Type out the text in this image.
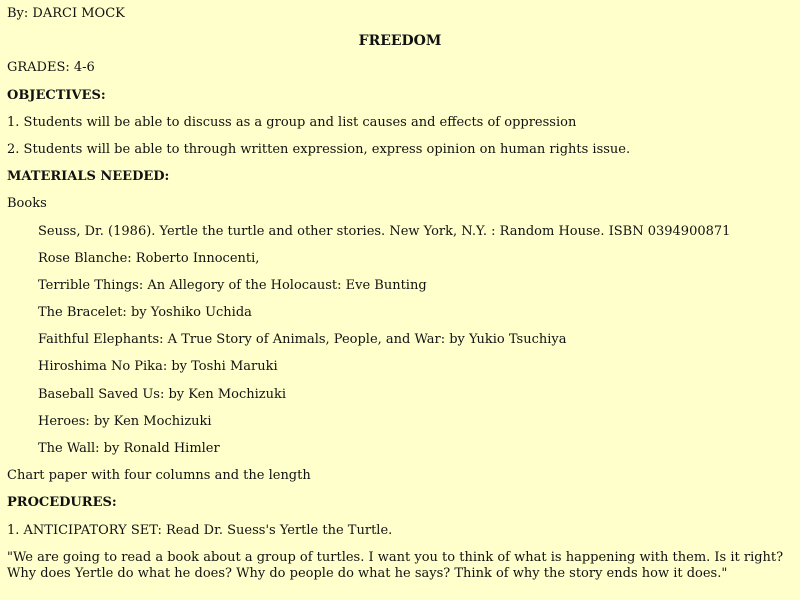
By: DARCI MOCK

FREEDOM

GRADES: 4-6

OBJECTIVES:

1. Students will be able to discuss as a group and list causes and effects of oppression

2. Students will be able to through written expression, express opinion on human rights issue.

MATERIALS NEEDED:

Books

Seuss, Dr. (1986). Yertle the turtle and other stories. New York, N.Y. : Random House. ISBN 0394900871

Rose Blanche: Roberto Innocenti,

Terrible Things: An Allegory of the Holocaust: Eve Bunting

The Bracelet: by Yoshiko Uchida

Faithful Elephants: A True Story of Animals, People, and War: by Yukio Tsuchiya

Hiroshima No Pika: by Toshi Maruki

Baseball Saved Us: by Ken Mochizuki

Heroes: by Ken Mochizuki

The Wall: by Ronald Himler

Chart paper with four columns and the length

PROCEDURES:

1. ANTICIPATORY SET: Read Dr. Suess's Yertle the Turtle.

"We are going to read a book about a group of turtles. I want you to think of what is happening with them. Is it right? Why does Yertle do what he does? Why do people do what he says? Think of why the story ends how it does."
